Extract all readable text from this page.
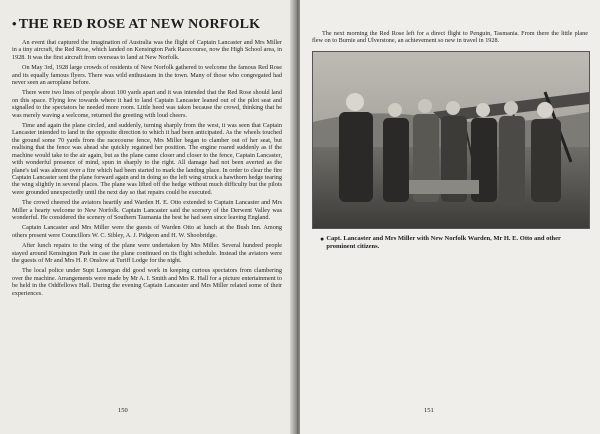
• THE RED ROSE AT NEW NORFOLK

An event that captured the imagination of Australia was the flight of Captain Lancaster and Mrs Miller in a tiny aircraft, the Red Rose, which landed on Kensington Park Racecourse, now the High School area, in 1928. It was the first aircraft from overseas to land at New Norfolk.

On May 3rd, 1928 large crowds of residents of New Norfolk gathered to welcome the famous Red Rose and its equally famous flyers. There was wild enthusiasm in the town. Many of those who congregated had never seen an aeroplane before.

There were two lines of people about 100 yards apart and it was intended that the Red Rose should land on this space. Flying low towards where it had to land Captain Lancaster leaned out of the pilot seat and signalled to the spectators he needed more room. Little heed was taken because the crowd, thinking that he was merely waving a welcome, returned the greeting with loud cheers.

Time and again the plane circled, and suddenly, turning sharply from the west, it was seen that Captain Lancaster intended to land in the opposite direction to which it had been anticipated. As the wheels touched the ground some 70 yards from the racecourse fence, Mrs Miller began to clamber out of her seat, but realising that the fence was ahead she quickly regained her position. The engine roared suddenly as if the machine would take to the air again, but as the plane came closer and closer to the fence, Captain Lancaster, with wonderful presence of mind, spun in sharply to the right. All damage had not been averted as the plane's tail was almost over a fire which had been started to mark the landing place. In order to clear the fire Captain Lancaster sent the plane forward again and in doing so the left wing struck a hawthorn hedge tearing the wing slightly in several places. The plane was lifted off the hedge without much difficulty but the pilots were grounded unexpectedly until the next day so that repairs could be executed.

The crowd cheered the aviators heartily and Warden H. E. Otto extended to Captain Lancaster and Mrs Miller a hearty welcome to New Norfolk. Captain Lancaster said the scenery of the Derwent Valley was wonderful. He considered the scenery of Southern Tasmania the best he had seen since leaving England.

Captain Lancaster and Mrs Miller were the guests of Warden Otto at lunch at the Bush Inn. Among others present were Councillors W. C. Sibley, A. J. Pidgeon and H. W. Shoobridge.

After lunch repairs to the wing of the plane were undertaken by Mrs Miller. Several hundred people stayed around Kensington Park in case the plane continued on its flight schedule. Instead the aviators were the guests of Mr and Mrs H. P. Onslow at Turiff Lodge for the night.

The local police under Supt Lonergan did good work in keeping curious spectators from clambering over the machine. Arrangements were made by Mr A. I. Smith and Mrs R. Hall for a picture entertainment to be held in the Oddfellows Hall. During the evening Captain Lancaster and Mrs Miller related some of their experiences.

150

The next morning the Red Rose left for a direct flight to Penguin, Tasmania. From there the little plane flew on to Burnie and Ulverstone, an achievement so new in travel in 1928.

● Capt. Lancaster and Mrs Miller with New Norfolk Warden, Mr H. E. Otto and other prominent citizens.
151
